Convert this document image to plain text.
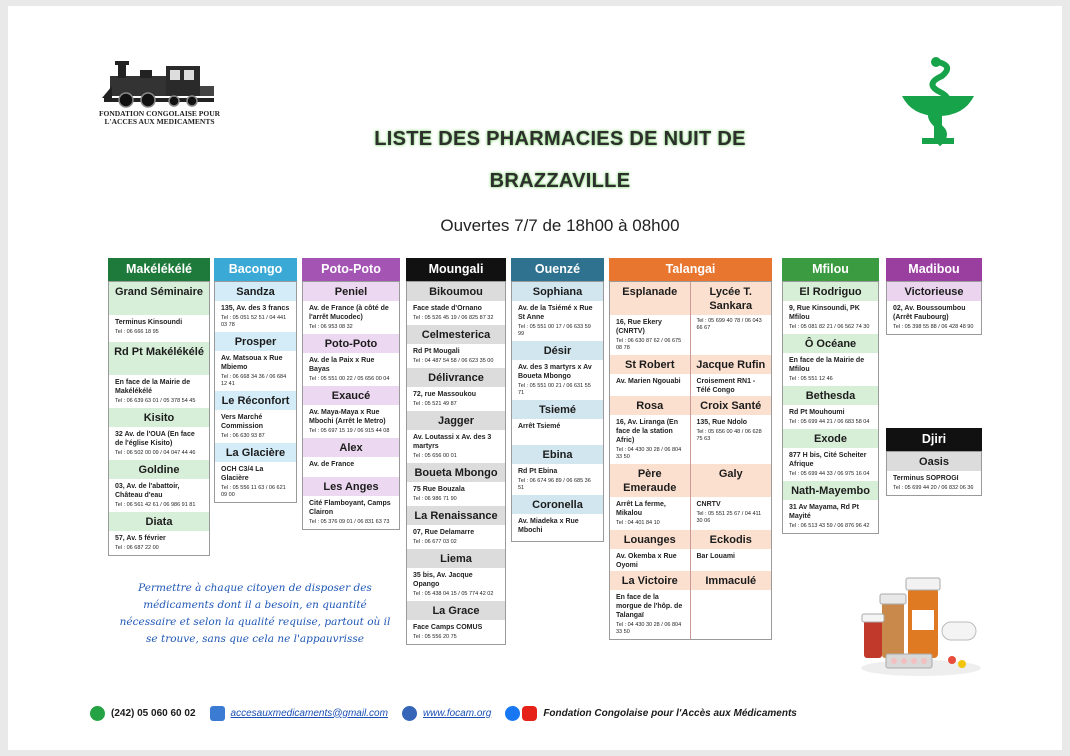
FONDATION CONGOLAISE POUR
L'ACCES AUX MEDICAMENTS
LISTE DES PHARMACIES DE NUIT DE
BRAZZAVILLE
Ouvertes 7/7 de 18h00 à 08h00
Makélékélé
Grand Séminaire
Terminus Kinsoundi
Tel : 06 666 18 95
Rd Pt Makélékélé
En face de la Mairie de Makélékélé
Tel : 06 639 63 01 / 05 378 54 45
Kisito
32 Av. de l'OUA (En face de l'église Kisito)
Tel : 06 502 00 09 / 04 047 44 46
Goldine
03, Av. de l'abattoir, Château d'eau
Tel : 06 561 42 61 / 06 986 91 81
Diata
57, Av. 5 février
Tel : 06 687 22 00
Bacongo
Sandza
135, Av. des 3 francs
Tel : 05 051 52 51 / 04 441 03 78
Prosper
Av. Matsoua x Rue Mbiemo
Tel : 06 668 34 36 / 06 684 12 41
Le Réconfort
Vers Marché Commission
Tel : 06 630 93 87
La Glacière
OCH C3/4 La Glacière
Tel : 05 556 11 63 / 06 621 09 00
Poto-Poto
Peniel
Av. de France (à côté de l'arrêt Mucodec)
Tel : 06 953 08 32
Poto-Poto
Av. de la Paix x Rue Bayas
Tel : 05 551 00 22 / 05 656 00 04
Exaucé
Av. Maya-Maya x Rue Mbochi (Arrêt le Metro)
Tel : 05 697 15 19 / 06 915 44 08
Alex
Av. de France
Les Anges
Cité Flamboyant, Camps Clairon
Tel : 05 376 09 01 / 06 831 63 73
Moungali
Bikoumou
Face stade d'Ornano
Tel : 05 526 45 19 / 06 825 87 32
Celmesterica
Rd Pt Mougali
Tel : 04 487 54 58 / 06 623 35 00
Délivrance
72, rue Massoukou
Tel : 05 521 49 87
Jagger
Av. Loutassi x Av. des 3 martyrs
Tel : 05 656 00 01
Boueta Mbongo
75 Rue Bouzala
Tel : 06 986 71 90
La Renaissance
07, Rue Delamarre
Tel : 06 677 03 02
Liema
35 bis, Av. Jacque Opango
Tel : 05 438 04 15 / 05 774 42 02
La Grace
Face Camps COMUS
Tel : 05 556 20 75
Ouenzé
Sophiana
Av. de la Tsiémé x Rue St Anne
Tel : 05 551 00 17 / 06 633 59 99
Désir
Av. des 3 martyrs x Av Boueta Mbongo
Tel : 05 551 00 21 / 06 631 55 71
Tsiemé
Arrêt Tsiemé
Ebina
Rd Pt Ebina
Tel : 06 674 96 89 / 06 685 36 51
Coronella
Av. Miadeka x Rue Mbochi
Talangai
Esplanade
16, Rue Ekery (CNRTV)
Tel : 06 630 87 62 / 06 675 08 78
Lycée T. Sankara
Tel : 05 699 40 78 / 06 043 66 67
St Robert
Av. Marien Ngouabi
Jacque Rufin
Croisement RN1 - Télé Congo
Rosa
16, Av. Liranga (En face de la station Afric)
Tel : 04 430 30 28 / 06 804 33 50
Croix Santé
135, Rue Ndolo
Tel : 05 656 00 48 / 06 628 75 63
Père Emeraude
Arrêt La ferme, Mikalou
Tel : 04 401 84 10
Galy
CNRTV
Tel : 05 551 25 67 / 04 411 30 06
Louanges
Av. Okemba x Rue Oyomi
Eckodis
Bar Louami
La Victoire
En face de la morgue de l'hôp. de Talangaï
Tel : 04 430 30 28 / 06 804 33 50
Immaculé
Mfilou
El Rodriguo
9, Rue Kinsoundi, PK Mfilou
Tel : 05 081 82 21 / 06 562 74 30
Ô Océane
En face de la Mairie de Mfilou
Tel : 05 551 12 46
Bethesda
Rd Pt Mouhoumi
Tel : 05 699 44 21 / 06 683 58 04
Exode
877 H bis, Cité Scheiter Afrique
Tel : 05 699 44 33 / 06 975 16 04
Nath-Mayembo
31 Av Mayama, Rd Pt Mayité
Tel : 06 513 43 59 / 06 876 96 42
Madibou
Victorieuse
02, Av. Boussoumbou (Arrêt Faubourg)
Tel : 05 398 55 88 / 06 428 48 90
Djiri
Oasis
Terminus SOPROGI
Tel : 05 699 44 20 / 06 832 06 36
Permettre à chaque citoyen de disposer des médicaments dont il a besoin, en quantité nécessaire et selon la qualité requise, partout où il se trouve, sans que cela ne l'appauvrisse
(242) 05 060 60 02	accesauxmedicaments@gmail.com	www.focam.org	Fondation Congolaise pour l'Accès aux Médicaments
